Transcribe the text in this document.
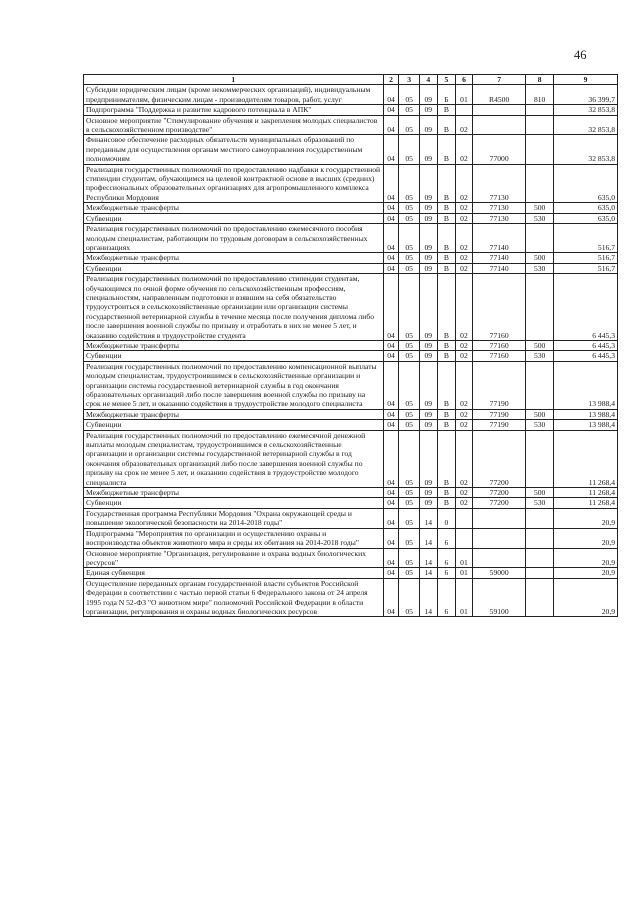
46
1	2	3	4	5	6	7	8	9
Субсидии юридическим лицам (кроме некоммерческих организаций), индивидуальным предпринимателям, физическим лицам - производителям товаров, работ, услуг	04	05	09	Б	01	R4500	810	36 399,7
Подпрограмма "Поддержка и развитие кадрового потенциала в АПК"	04	05	09	В				32 853,8
Основное мероприятие "Стимулирование обучения и закрепления молодых специалистов в сельскохозяйственном производстве"	04	05	09	В	02			32 853,8
Финансовое обеспечение расходных обязательств муниципальных образований по переданным для осуществления органам местного самоуправления государственным полномочиям	04	05	09	В	02	77000		32 853,8
Реализация государственных полномочий по предоставлению надбавки к государственной стипендии студентам, обучающимся на целевой контрактной основе в высших (средних) профессиональных образовательных организациях для агропромышленного комплекса Республики Мордовия	04	05	09	В	02	77130		635,0
Межбюджетные трансферты	04	05	09	В	02	77130	500	635,0
Субвенции	04	05	09	В	02	77130	530	635,0
Реализация государственных полномочий по предоставлению ежемесячного пособия молодым специалистам, работающим по трудовым договорам в сельскохозяйственных организациях	04	05	09	В	02	77140		516,7
Межбюджетные трансферты	04	05	09	В	02	77140	500	516,7
Субвенции	04	05	09	В	02	77140	530	516,7
Реализация государственных полномочий по предоставлению стипендии студентам, обучающимся по очной форме обучения по сельскохозяйственным профессиям, специальностям, направленным подготовки и взявшим на себя обязательство трудоустроиться в сельскохозяйственные организации или организации системы государственной ветеринарной службы в течение месяца после получения диплома либо после завершения военной службы по призыву и отработать в них не менее 5 лет, и оказанию содействия в трудоустройстве студента	04	05	09	В	02	77160		6 445,3
Межбюджетные трансферты	04	05	09	В	02	77160	500	6 445,3
Субвенции	04	05	09	В	02	77160	530	6 445,3
Реализация государственных полномочий по предоставлению компенсационной выплаты молодым специалистам, трудоустроившимся в сельскохозяйственные организации и организации системы государственной ветеринарной службы в год окончания образовательных организаций либо после завершения военной службы по призыву на срок не менее 5 лет, и оказанию содействия в трудоустройстве молодого специалиста	04	05	09	В	02	77190		13 988,4
Межбюджетные трансферты	04	05	09	В	02	77190	500	13 988,4
Субвенции	04	05	09	В	02	77190	530	13 988,4
Реализация государственных полномочий по предоставлению ежемесячной денежной выплаты молодым специалистам, трудоустроившимся в сельскохозяйственные организации и организации системы государственной ветеринарной службы в год окончания образовательных организаций либо после завершения военной службы по призыву на срок не менее 5 лет, и оказанию содействия в трудоустройстве молодого специалиста	04	05	09	В	02	77200		11 268,4
Межбюджетные трансферты	04	05	09	В	02	77200	500	11 268,4
Субвенции	04	05	09	В	02	77200	530	11 268,4
Государственная программа Республики Мордовия "Охрана окружающей среды и повышение экологической безопасности на 2014-2018 годы"	04	05	14	0				20,9
Подпрограмма "Мероприятия по организации и осуществлению охраны и воспроизводства объектов животного мира и среды их обитания на 2014-2018 годы"	04	05	14	6				20,9
Основное мероприятие "Организация, регулирование и охрана водных биологических ресурсов"	04	05	14	6	01			20,9
Единая субвенция	04	05	14	6	01	59000		20,9
Осуществление переданных органам государственной власти субъектов Российской Федерации в соответствии с частью первой статьи 6 Федерального закона от 24 апреля 1995 года N 52-ФЗ "О животном мире" полномочий Российской Федерации в области организации, регулирования и охраны водных биологических ресурсов	04	05	14	6	01	59100		20,9
